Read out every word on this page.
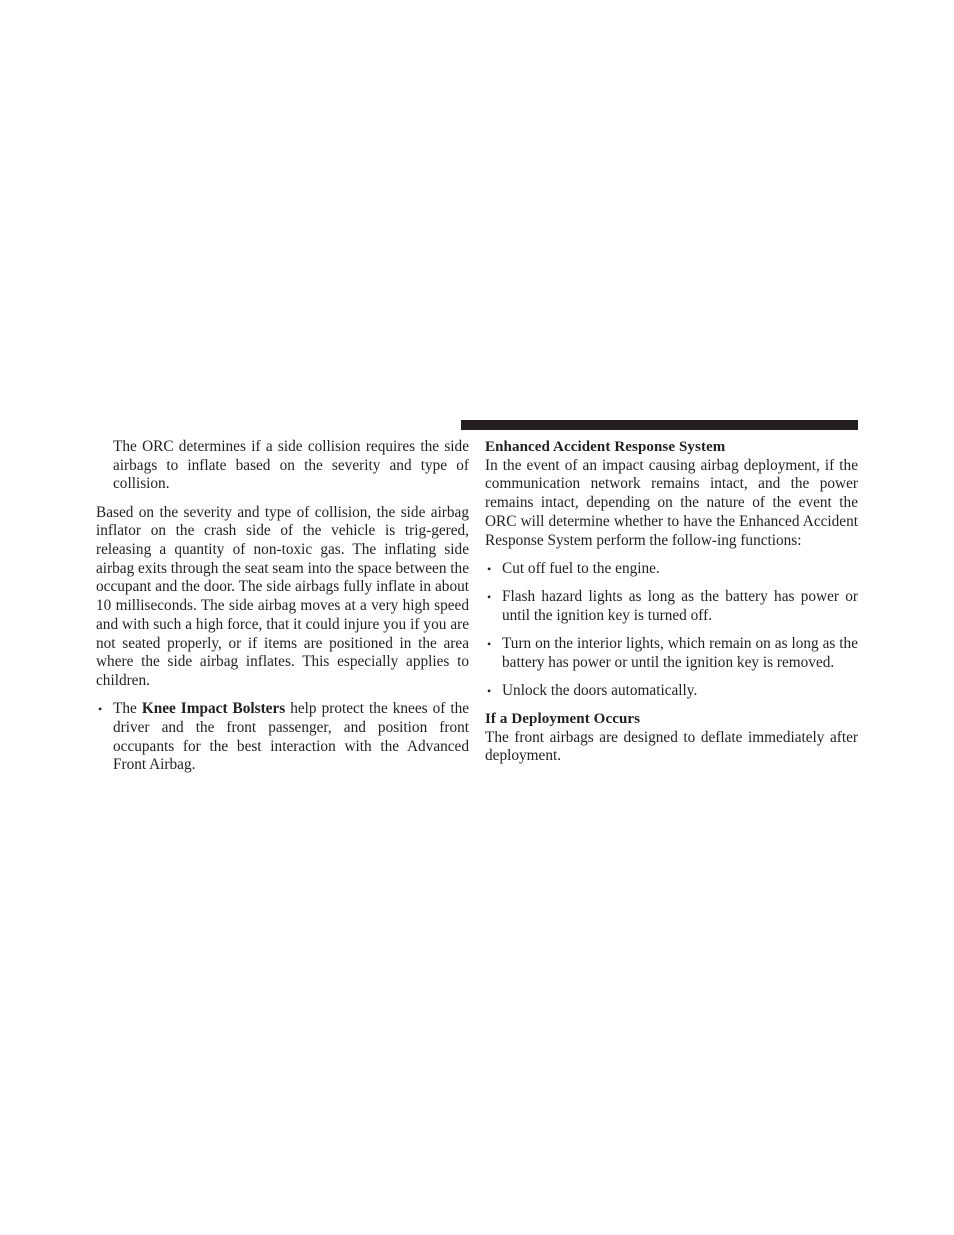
The ORC determines if a side collision requires the side airbags to inflate based on the severity and type of collision.

Based on the severity and type of collision, the side airbag inflator on the crash side of the vehicle is trig-gered, releasing a quantity of non-toxic gas. The inflating side airbag exits through the seat seam into the space between the occupant and the door. The side airbags fully inflate in about 10 milliseconds. The side airbag moves at a very high speed and with such a high force, that it could injure you if you are not seated properly, or if items are positioned in the area where the side airbag inflates. This especially applies to children.

• The Knee Impact Bolsters help protect the knees of the driver and the front passenger, and position front occupants for the best interaction with the Advanced Front Airbag.
Enhanced Accident Response System

In the event of an impact causing airbag deployment, if the communication network remains intact, and the power remains intact, depending on the nature of the event the ORC will determine whether to have the Enhanced Accident Response System perform the follow-ing functions:

• Cut off fuel to the engine.
• Flash hazard lights as long as the battery has power or until the ignition key is turned off.
• Turn on the interior lights, which remain on as long as the battery has power or until the ignition key is removed.
• Unlock the doors automatically.
If a Deployment Occurs

The front airbags are designed to deflate immediately after deployment.
